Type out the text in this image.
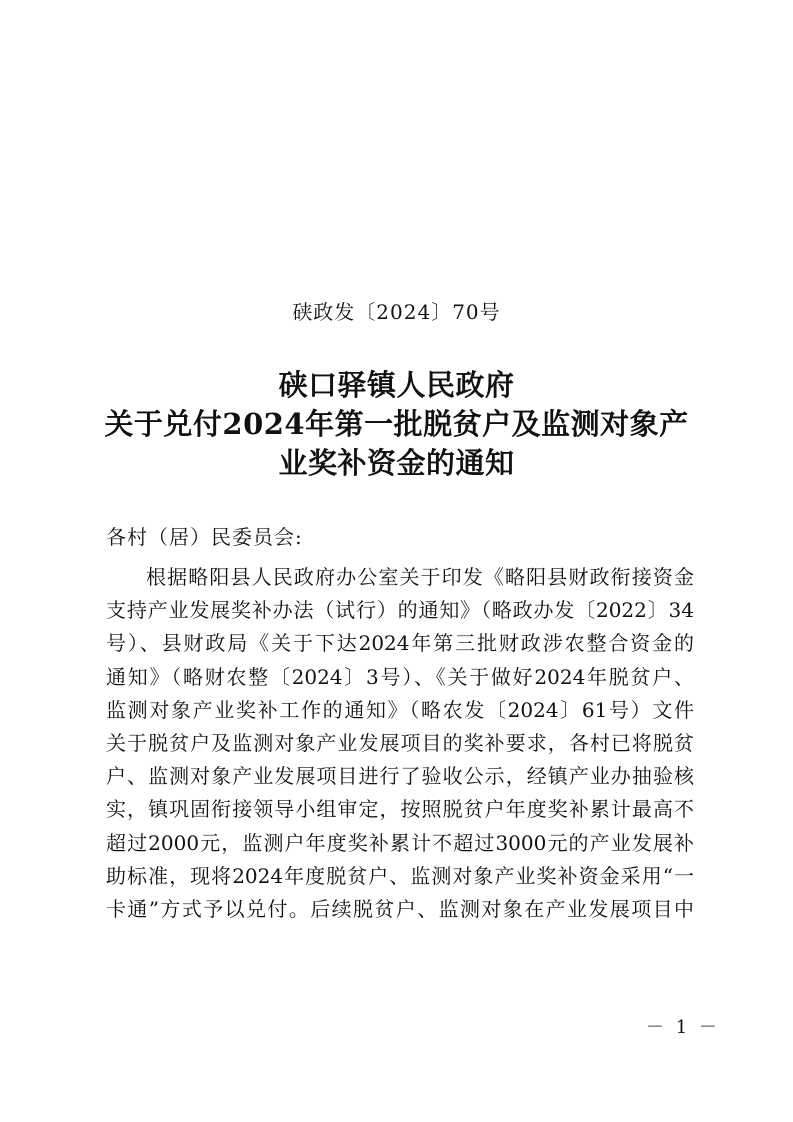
硖政发〔2024〕70号

硖口驿镇人民政府
关于兑付2024年第一批脱贫户及监测对象产
业奖补资金的通知

各村（居）民委员会:

根据略阳县人民政府办公室关于印发《略阳县财政衔接资金
支持产业发展奖补办法（试行）的通知》（略政办发〔2022〕34
号）、县财政局《关于下达2024年第三批财政涉农整合资金的
通知》（略财农整〔2024〕3号）、《关于做好2024年脱贫户、
监测对象产业奖补工作的通知》（略农发〔2024〕61号）文件
关于脱贫户及监测对象产业发展项目的奖补要求，各村已将脱贫
户、监测对象产业发展项目进行了验收公示，经镇产业办抽验核
实，镇巩固衔接领导小组审定，按照脱贫户年度奖补累计最高不
超过2000元，监测户年度奖补累计不超过3000元的产业发展补
助标准，现将2024年度脱贫户、监测对象产业奖补资金采用“一
卡通”方式予以兑付。后续脱贫户、监测对象在产业发展项目中

－ 1 －
